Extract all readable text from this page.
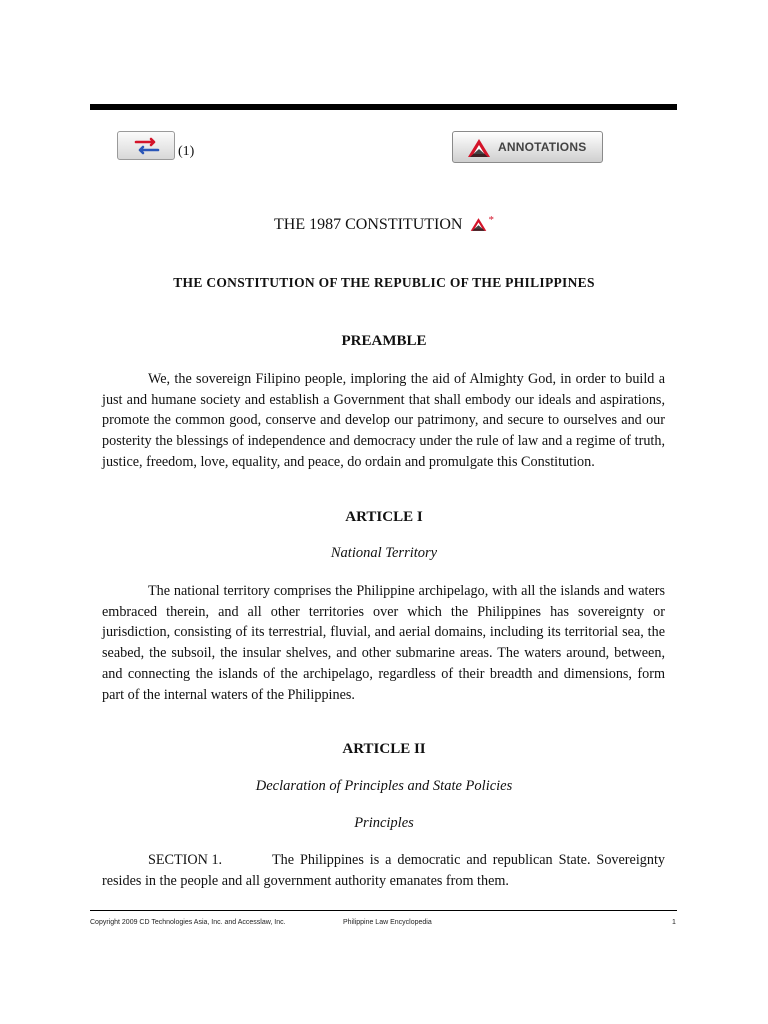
(1)	ANNOTATIONS
THE 1987 CONSTITUTION *
THE CONSTITUTION OF THE REPUBLIC OF THE PHILIPPINES
PREAMBLE

We, the sovereign Filipino people, imploring the aid of Almighty God, in order to build a just and humane society and establish a Government that shall embody our ideals and aspirations, promote the common good, conserve and develop our patrimony, and secure to ourselves and our posterity the blessings of independence and democracy under the rule of law and a regime of truth, justice, freedom, love, equality, and peace, do ordain and promulgate this Constitution.

ARTICLE I
National Territory

The national territory comprises the Philippine archipelago, with all the islands and waters embraced therein, and all other territories over which the Philippines has sovereignty or jurisdiction, consisting of its terrestrial, fluvial, and aerial domains, including its territorial sea, the seabed, the subsoil, the insular shelves, and other submarine areas. The waters around, between, and connecting the islands of the archipelago, regardless of their breadth and dimensions, form part of the internal waters of the Philippines.

ARTICLE II
Declaration of Principles and State Policies
Principles

SECTION 1.	The Philippines is a democratic and republican State. Sovereignty resides in the people and all government authority emanates from them.

Copyright 2009 CD Technologies Asia, Inc. and Accesslaw, Inc.	Philippine Law Encyclopedia	1
